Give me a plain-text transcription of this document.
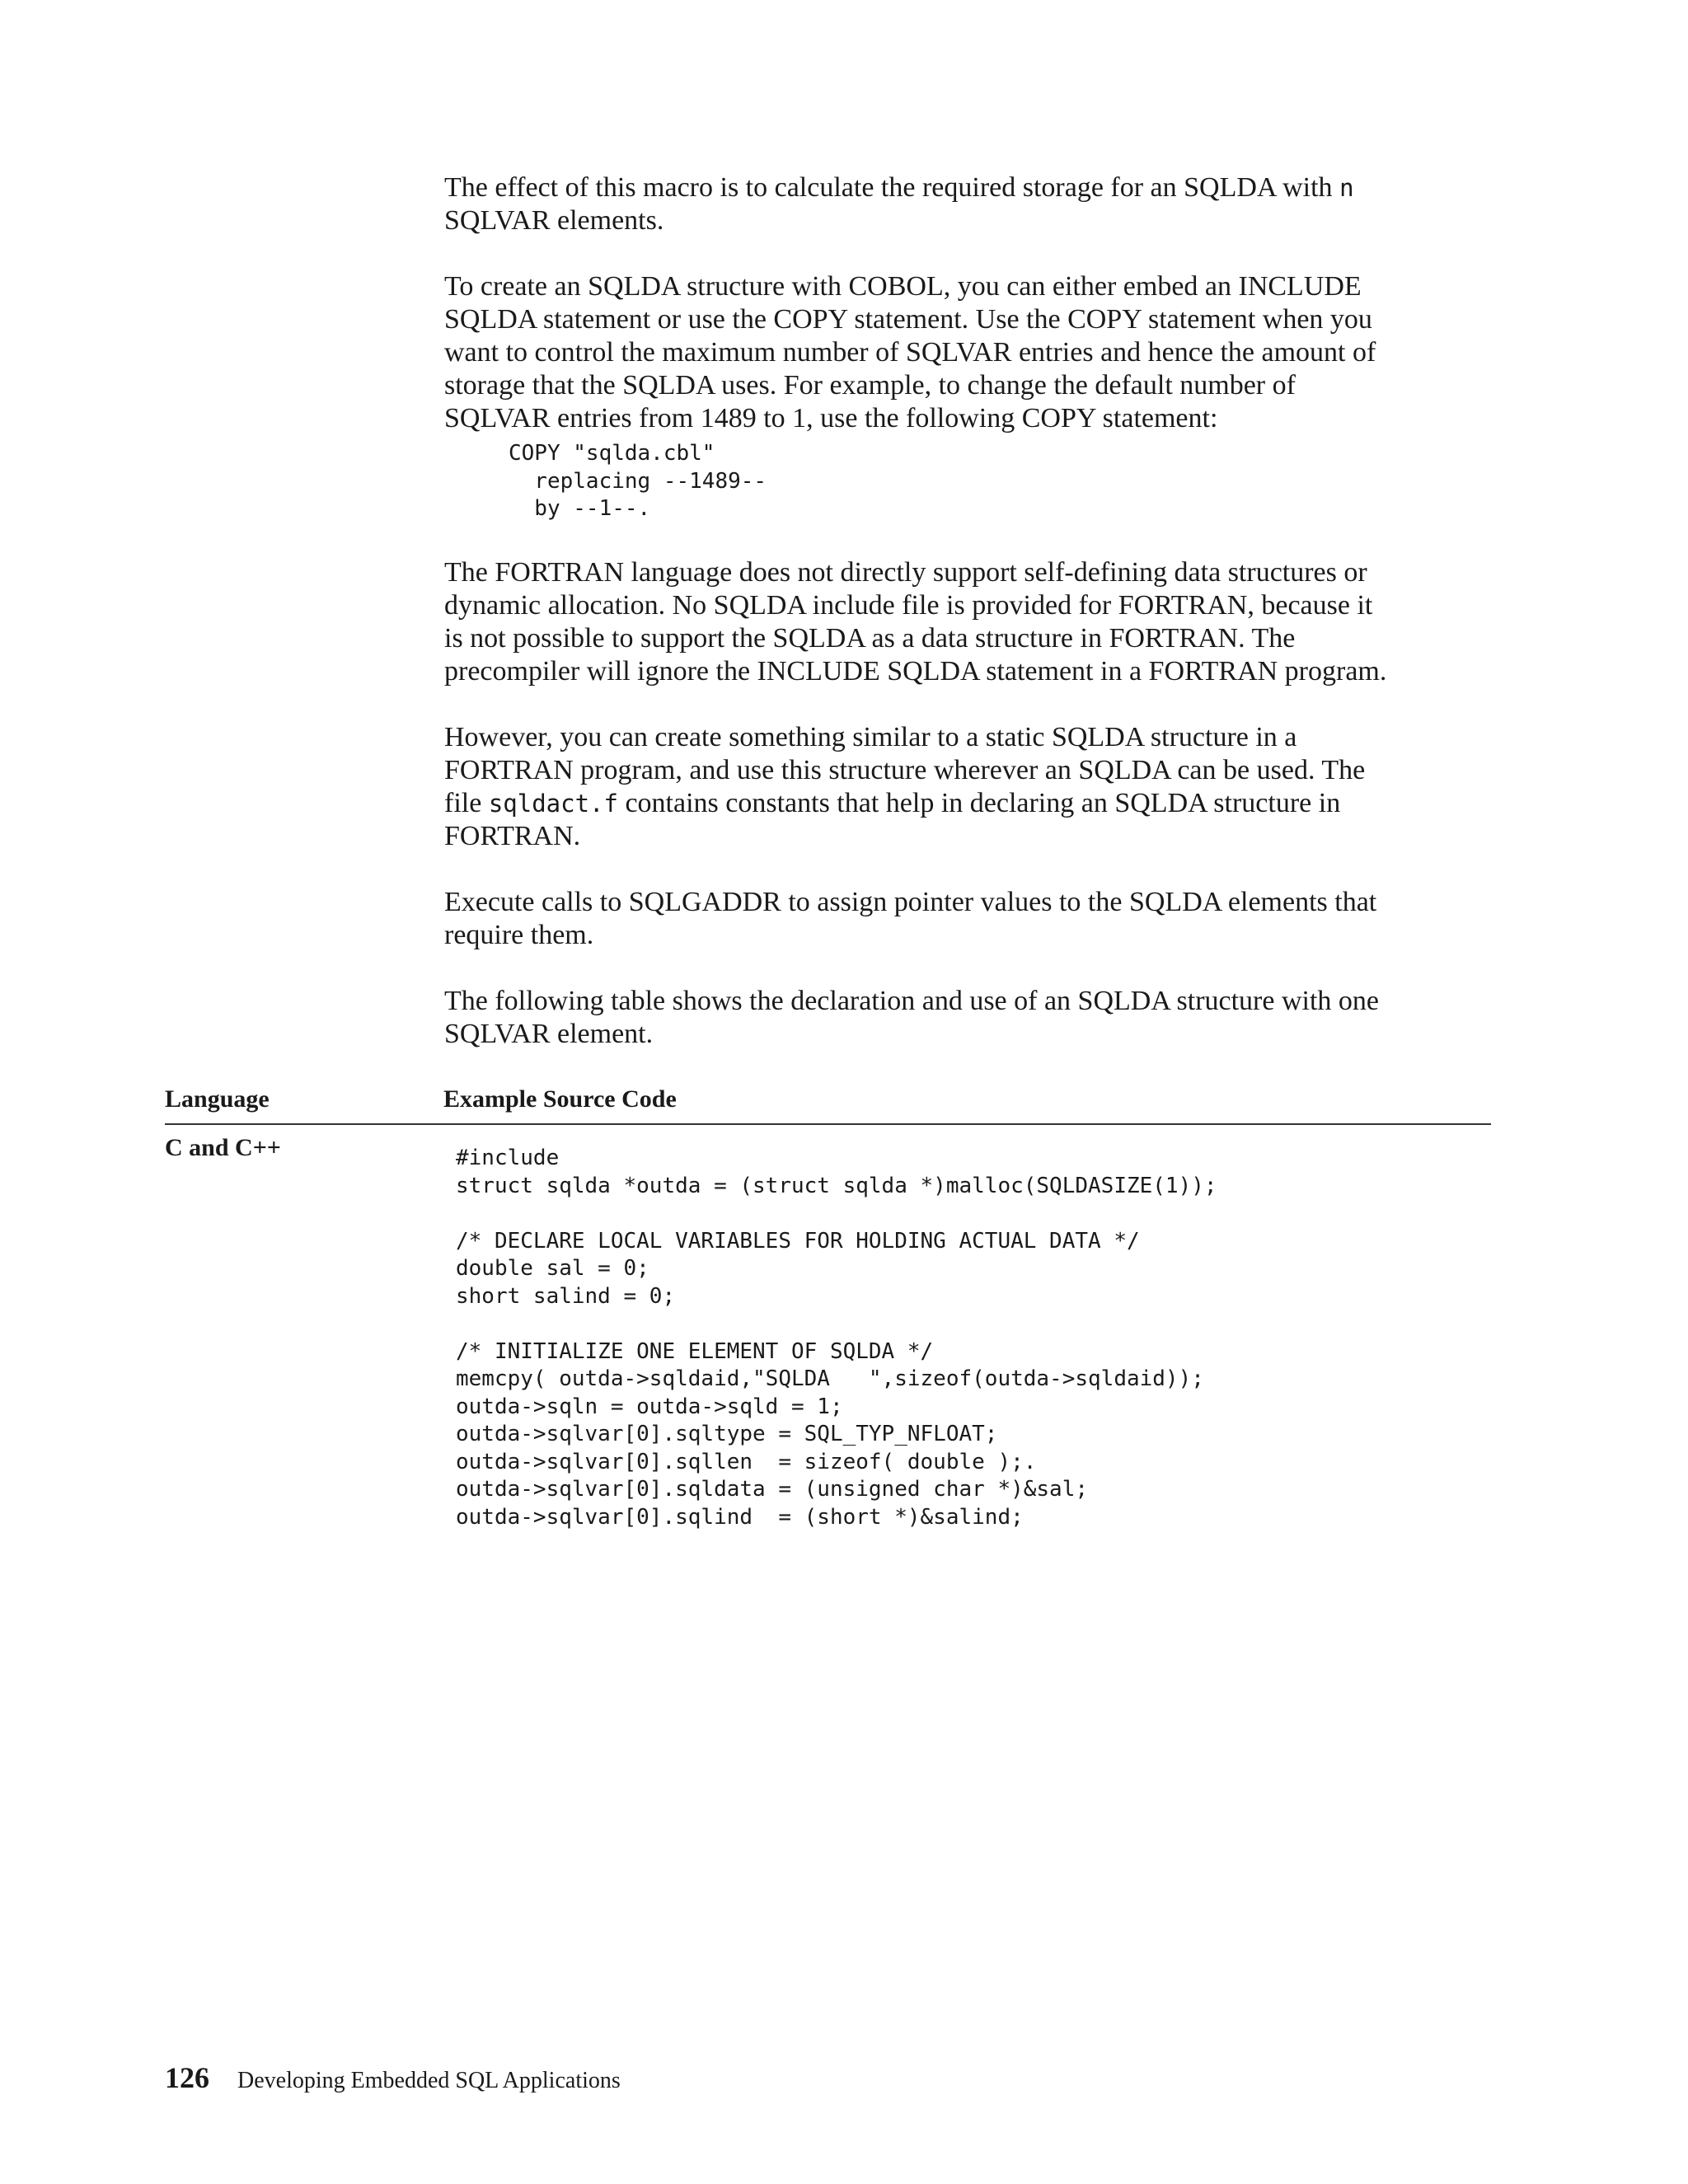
The effect of this macro is to calculate the required storage for an SQLDA with n
SQLVAR elements.

To create an SQLDA structure with COBOL, you can either embed an INCLUDE
SQLDA statement or use the COPY statement. Use the COPY statement when you
want to control the maximum number of SQLVAR entries and hence the amount of
storage that the SQLDA uses. For example, to change the default number of
SQLVAR entries from 1489 to 1, use the following COPY statement:

COPY "sqlda.cbl"
replacing --1489--
by --1--.

The FORTRAN language does not directly support self-defining data structures or
dynamic allocation. No SQLDA include file is provided for FORTRAN, because it
is not possible to support the SQLDA as a data structure in FORTRAN. The
precompiler will ignore the INCLUDE SQLDA statement in a FORTRAN program.

However, you can create something similar to a static SQLDA structure in a
FORTRAN program, and use this structure wherever an SQLDA can be used. The
file sqldact.f contains constants that help in declaring an SQLDA structure in
FORTRAN.

Execute calls to SQLGADDR to assign pointer values to the SQLDA elements that
require them.

The following table shows the declaration and use of an SQLDA structure with one
SQLVAR element.

Language	Example Source Code
C and C++	#include
struct sqlda *outda = (struct sqlda *)malloc(SQLDASIZE(1));
/* DECLARE LOCAL VARIABLES FOR HOLDING ACTUAL DATA */
double sal = 0;
short salind = 0;
/* INITIALIZE ONE ELEMENT OF SQLDA */
memcpy( outda->sqldaid,"SQLDA   ",sizeof(outda->sqldaid));
outda->sqln = outda->sqld = 1;
outda->sqlvar[0].sqltype = SQL_TYP_NFLOAT;
outda->sqlvar[0].sqllen  = sizeof( double );.
outda->sqlvar[0].sqldata = (unsigned char *)&sal;
outda->sqlvar[0].sqlind  = (short *)&salind;
126 Developing Embedded SQL Applications
